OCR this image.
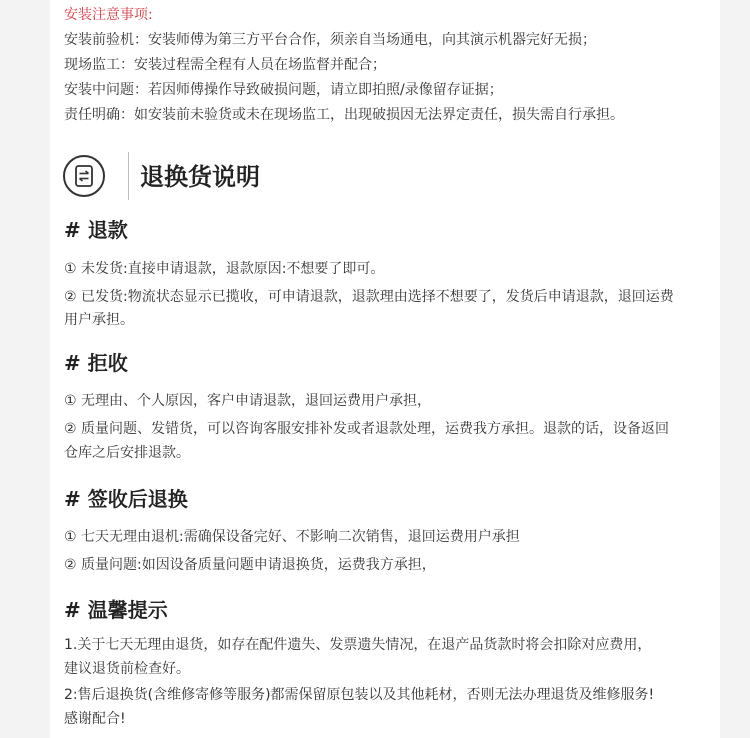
安装注意事项:
安装前验机：安装师傅为第三方平台合作，须亲自当场通电，向其演示机器完好无损；
现场监工：安装过程需全程有人员在场监督并配合；
安装中问题：若因师傅操作导致破损问题，请立即拍照/录像留存证据；
责任明确：如安装前未验货或未在现场监工，出现破损因无法界定责任，损失需自行承担。
退换货说明
# 退款
① 未发货:直接申请退款，退款原因:不想要了即可。
② 已发货:物流状态显示已揽收，可申请退款，退款理由选择不想要了，发货后申请退款，退回运费
用户承担。
# 拒收
① 无理由、个人原因，客户申请退款，退回运费用户承担，
② 质量问题、发错货，可以咨询客服安排补发或者退款处理，运费我方承担。退款的话，设备返回
仓库之后安排退款。
# 签收后退换
① 七天无理由退机:需确保设备完好、不影响二次销售，退回运费用户承担
② 质量问题:如因设备质量问题申请退换货，运费我方承担，
# 温馨提示
1.关于七天无理由退货，如存在配件遗失、发票遗失情况，在退产品货款时将会扣除对应费用，
建议退货前检查好。
2:售后退换货(含维修寄修等服务)都需保留原包装以及其他耗材，否则无法办理退货及维修服务!
感谢配合!
